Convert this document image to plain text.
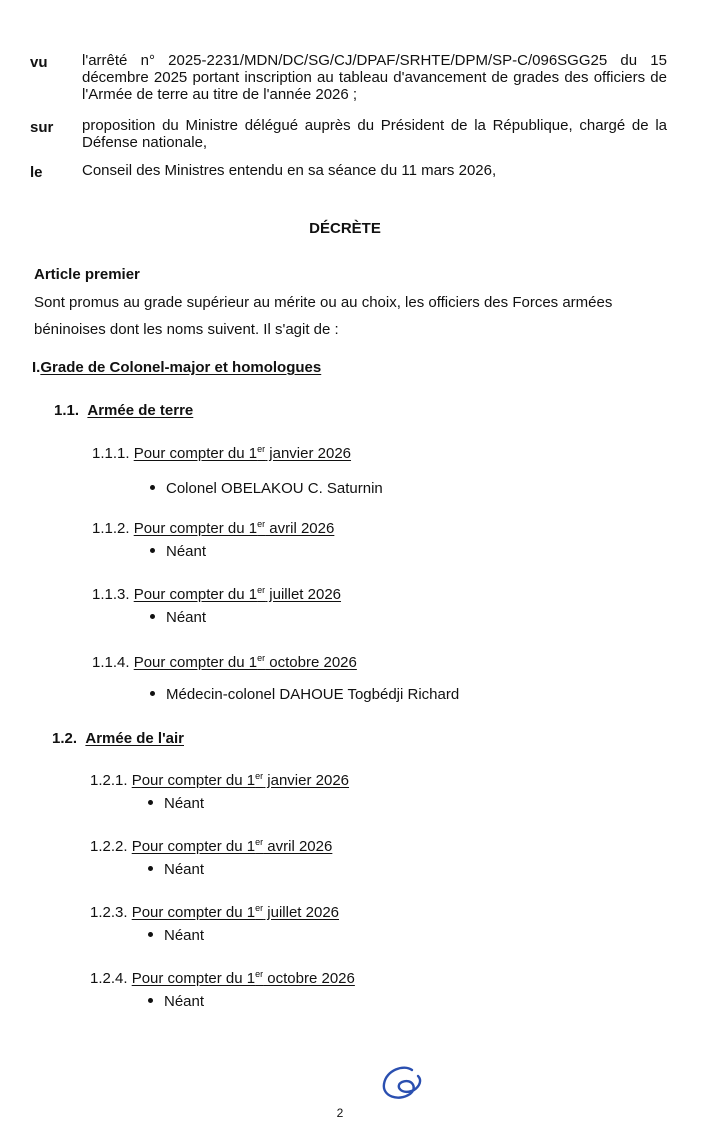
vu l'arrêté n° 2025-2231/MDN/DC/SG/CJ/DPAF/SRHTE/DPM/SP-C/096SGG25 du 15 décembre 2025 portant inscription au tableau d'avancement de grades des officiers de l'Armée de terre au titre de l'année 2026 ;
sur proposition du Ministre délégué auprès du Président de la République, chargé de la Défense nationale,
le	Conseil des Ministres entendu en sa séance du 11 mars 2026,
DÉCRÈTE
Article premier
Sont promus au grade supérieur au mérite ou au choix, les officiers des Forces armées
béninoises dont les noms suivent. Il s'agit de :
I.Grade de Colonel-major et homologues
1.1. Armée de terre
1.1.1. Pour compter du 1er janvier 2026
Colonel OBELAKOU C. Saturnin
1.1.2. Pour compter du 1er avril 2026
Néant
1.1.3. Pour compter du 1er juillet 2026
Néant
1.1.4. Pour compter du 1er octobre 2026
Médecin-colonel DAHOUE Togbédji Richard
1.2. Armée de l'air
1.2.1. Pour compter du 1er janvier 2026
Néant
1.2.2. Pour compter du 1er avril 2026
Néant
1.2.3. Pour compter du 1er juillet 2026
Néant
1.2.4. Pour compter du 1er octobre 2026
Néant
2
